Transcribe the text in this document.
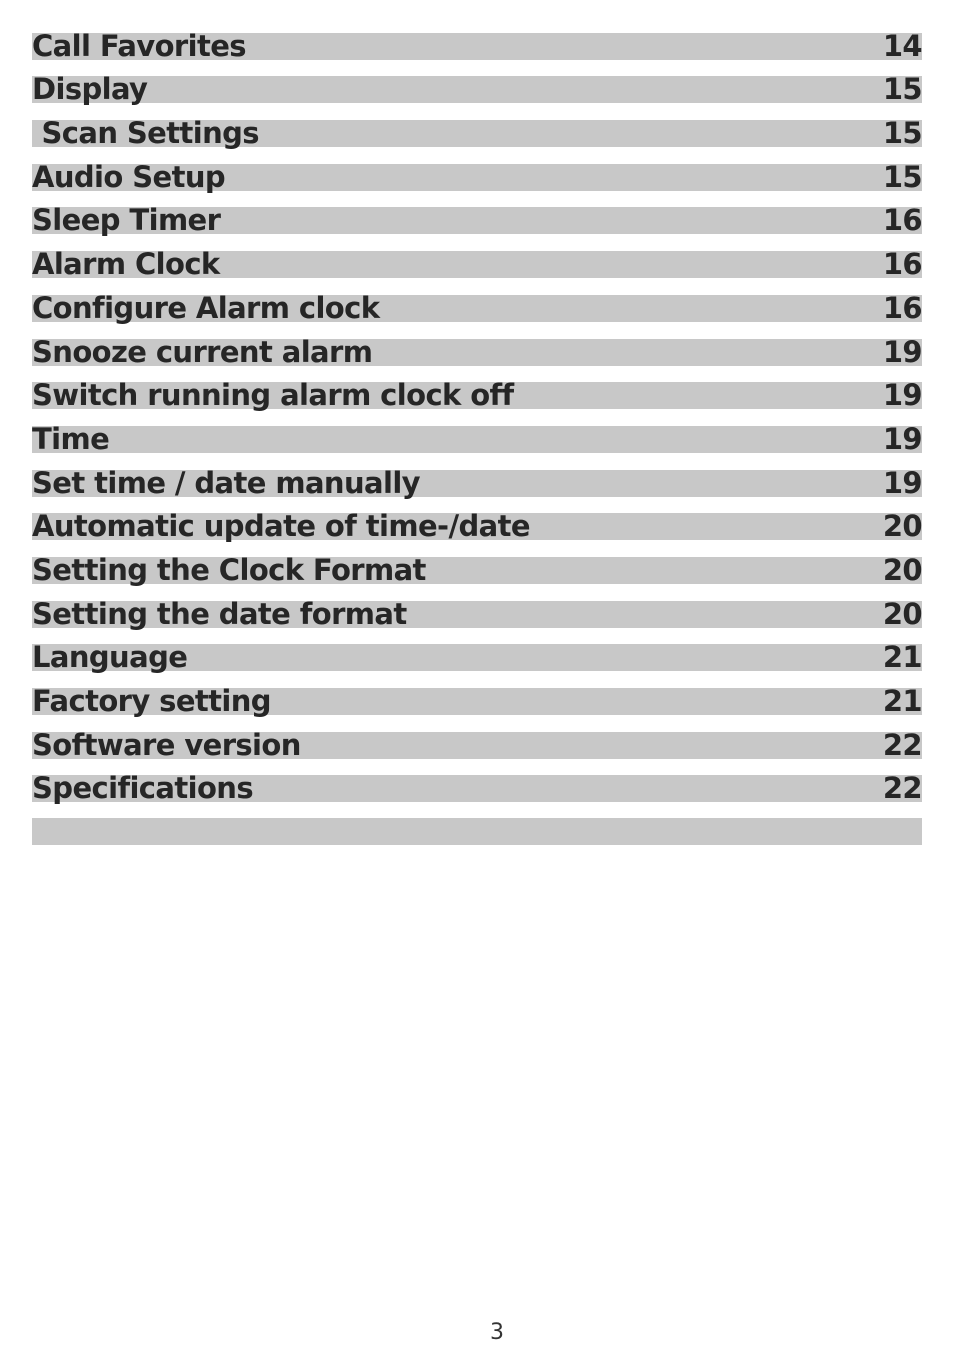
Call Favorites	14
Display	15
Scan Settings	15
Audio Setup	15
Sleep Timer	16
Alarm Clock	16
Configure Alarm clock	16
Snooze current alarm	19
Switch running alarm clock off	19
Time	19
Set time / date manually	19
Automatic update of time-/date	20
Setting the Clock Format	20
Setting the date format	20
Language	21
Factory setting	21
Software version	22
Specifications	22
3
